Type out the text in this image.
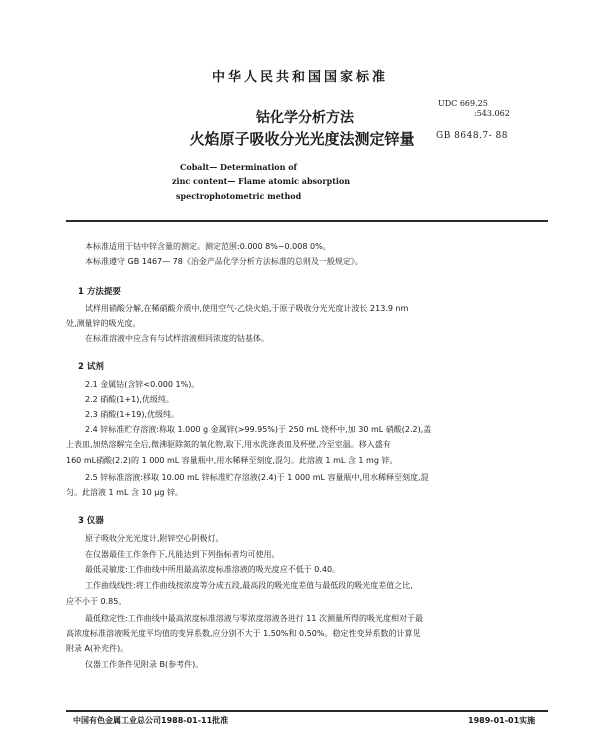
中华人民共和国国家标准
UDC 669.25
:543.062
GB 8648.7- 88
钴化学分析方法
火焰原子吸收分光光度法测定锌量
Cobalt— Determination of
zinc content— Flame atomic absorption
spectrophotometric method
本标准适用于钴中锌含量的测定。测定范围:0.000 8%~0.008 0%。
本标准遵守 GB 1467— 78《冶金产品化学分析方法标准的总则及一般规定》。
1 方法提要
试样用硝酸分解,在稀硝酸介质中,使用空气-乙炔火焰,于原子吸收分光光度计波长 213.9 nm
处,测量锌的吸光度。
在标准溶液中应含有与试样溶液相同浓度的钴基体。
2 试剂
2.1 金属钴(含锌<0.000 1%)。
2.2 硝酸(1+1),优级纯。
2.3 硝酸(1+19),优级纯。
2.4 锌标准贮存溶液:称取 1.000 g 金属锌(>99.95%)于 250 mL 烧杯中,加 30 mL 硝酸(2.2),盖
上表皿,加热溶解完全后,微沸驱除氮的氧化物,取下,用水洗涤表皿及杯壁,冷至室温。移入盛有
160 mL硝酸(2.2)的 1 000 mL 容量瓶中,用水稀释至刻度,混匀。此溶液 1 mL 含 1 mg 锌。
2.5 锌标准溶液:移取 10.00 mL 锌标准贮存溶液(2.4)于 1 000 mL 容量瓶中,用水稀释至刻度,混
匀。此溶液 1 mL 含 10 μg 锌。
3 仪器
原子吸收分光光度计,附锌空心阴极灯。
在仪器最佳工作条件下,凡能达到下列指标者均可使用。
最低灵敏度:工作曲线中所用最高浓度标准溶液的吸光度应不低于 0.40。
工作曲线线性:将工作曲线按浓度等分成五段,最高段的吸光度差值与最低段的吸光度差值之比,
应不小于 0.85。
最低稳定性:工作曲线中最高浓度标准溶液与零浓度溶液各进行 11 次测量所得的吸光度相对于最
高浓度标准溶液吸光度平均值的变异系数,应分别不大于 1.50%和 0.50%。稳定性变异系数的计算见
附录 A(补充件)。
仪器工作条件见附录 B(参考件)。
中国有色金属工业总公司1988-01-11批准	1989-01-01实施
